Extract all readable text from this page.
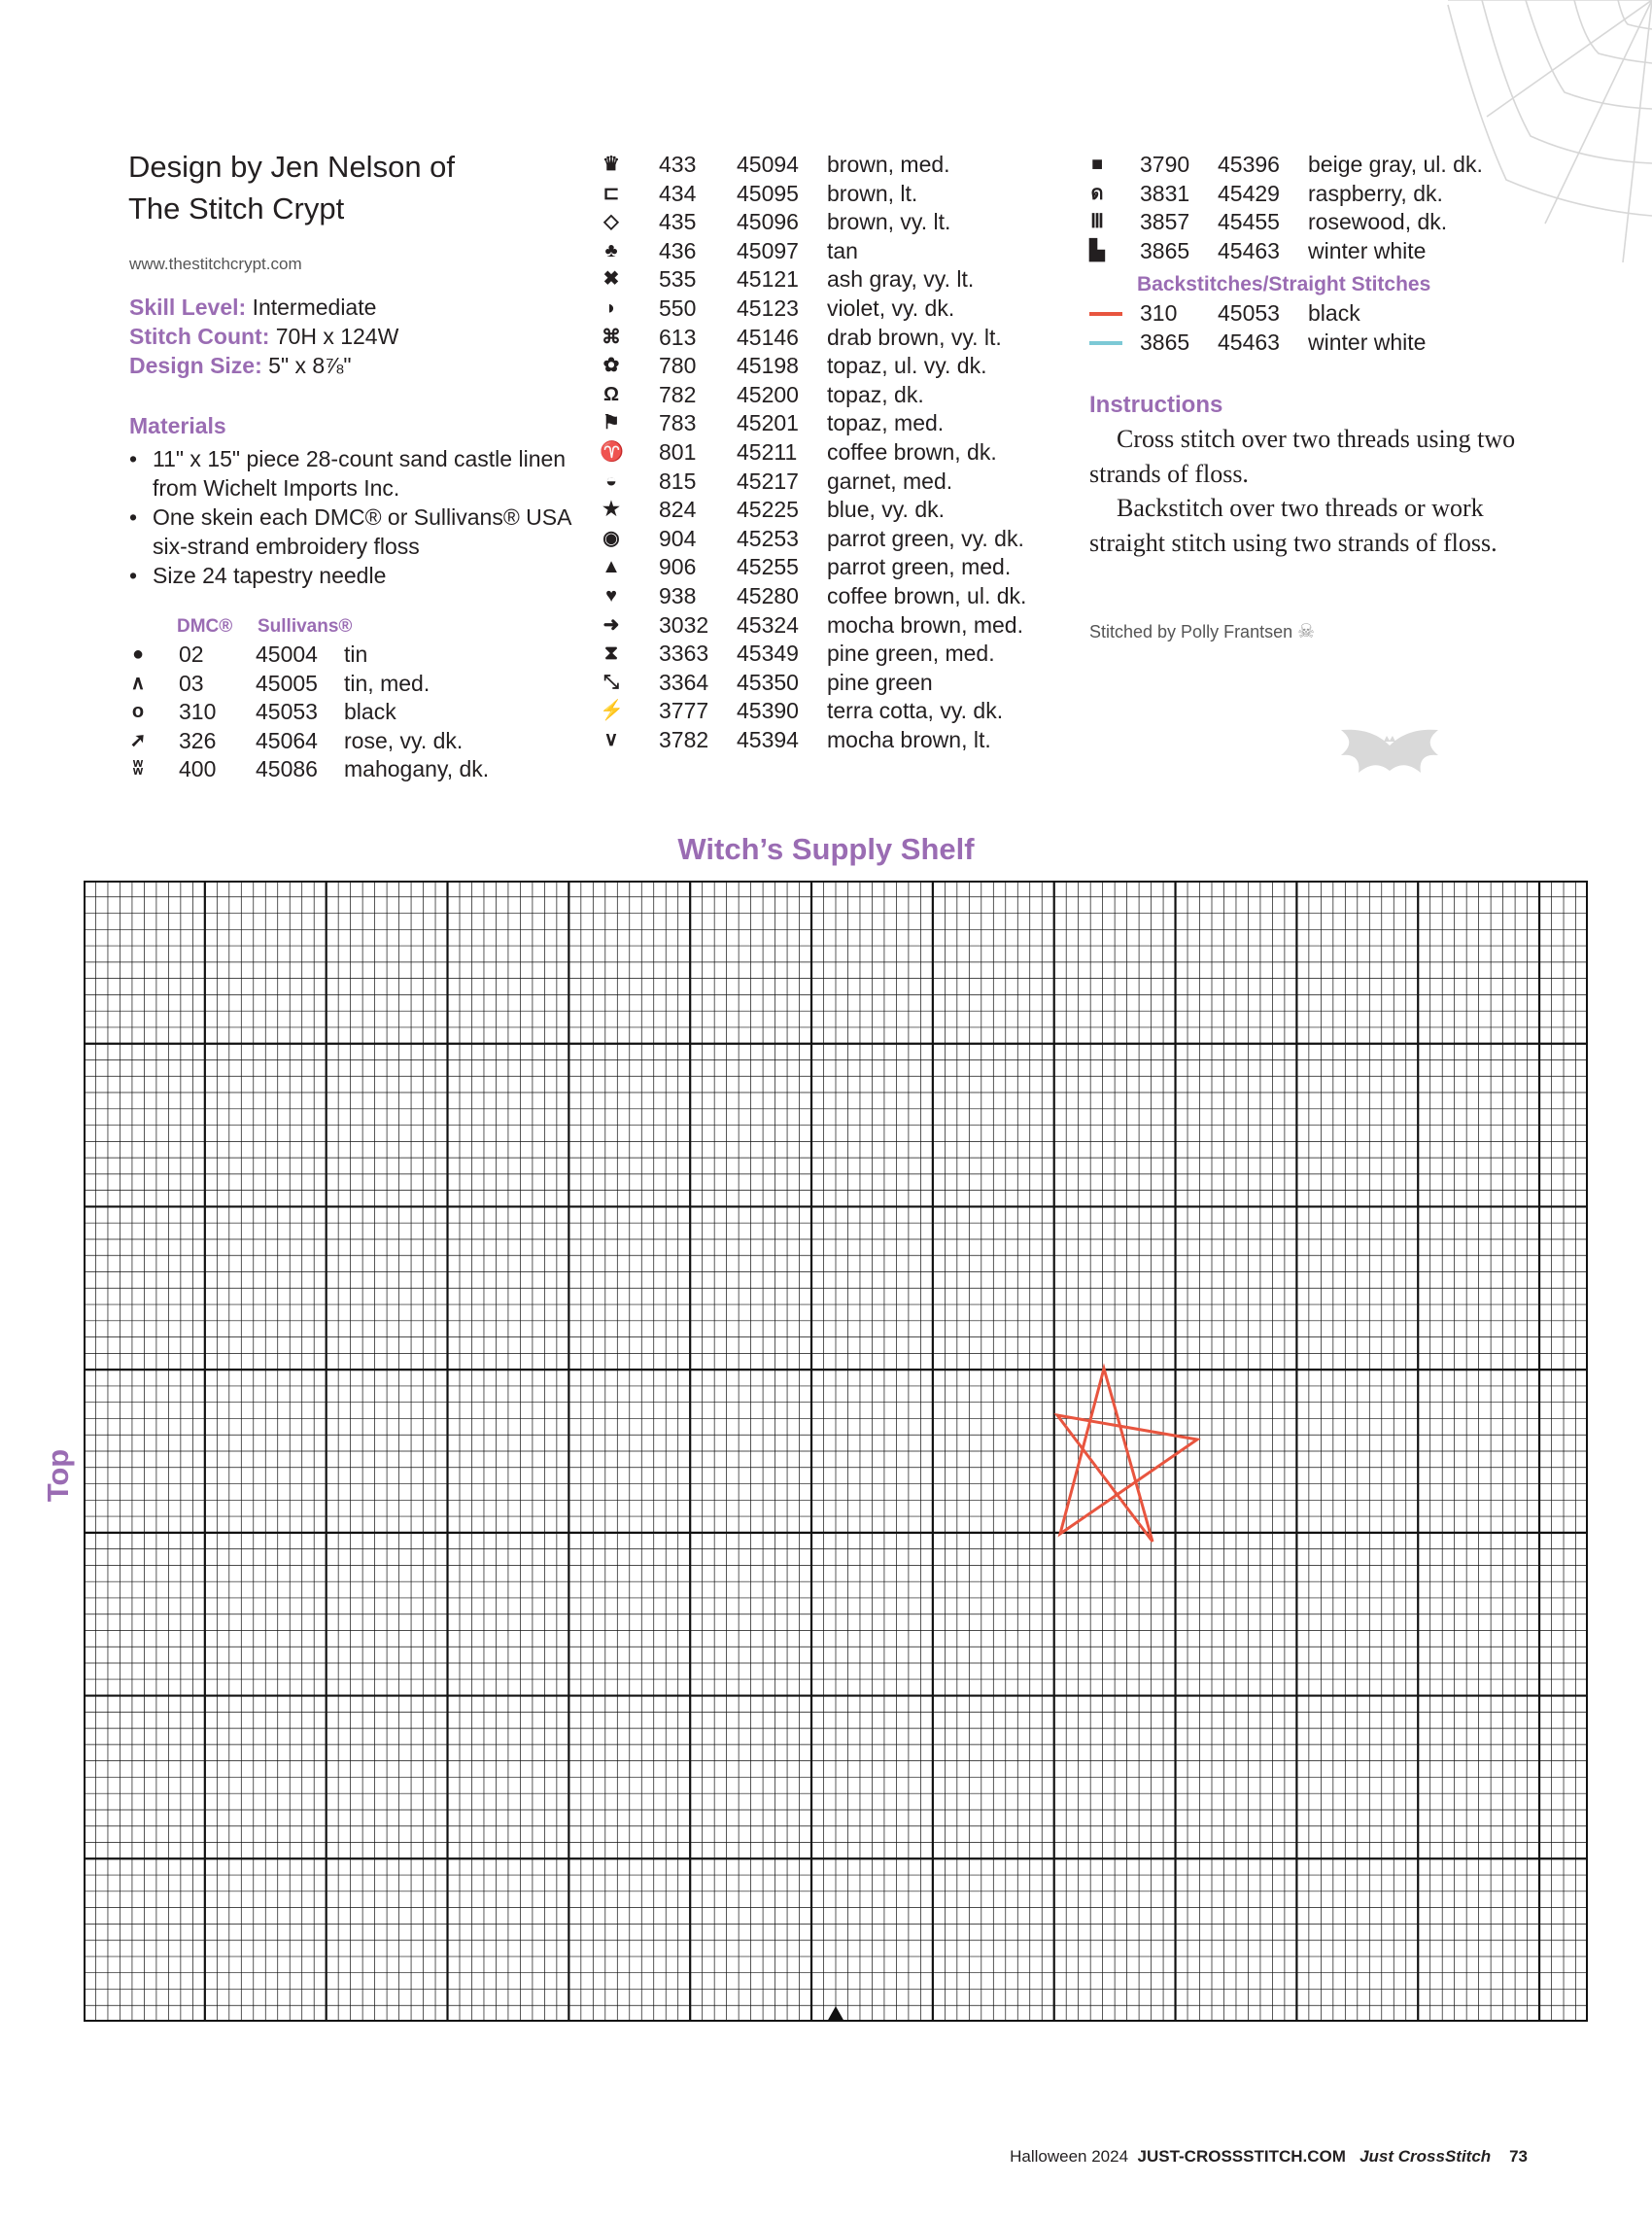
Design by Jen Nelson of
The Stitch Crypt
www.thestitchcrypt.com
Skill Level: Intermediate
Stitch Count: 70H x 124W
Design Size: 5" x 8⅞"
Materials
• 11" x 15" piece 28-count sand castle linen from Wichelt Imports Inc.
• One skein each DMC® or Sullivans® USA six-strand embroidery floss
• Size 24 tapestry needle
DMC® Sullivans®
● 02 45004 tin
∧ 03 45005 tin, med.
o 310 45053 black
➚ 326 45064 rose, vy. dk.
ʬ 400 45086 mahogany, dk.
♛ 433 45094 brown, med.
⊏ 434 45095 brown, lt.
◇ 435 45096 brown, vy. lt.
♣ 436 45097 tan
✖ 535 45121 ash gray, vy. lt.
◗ 550 45123 violet, vy. dk.
⌘ 613 45146 drab brown, vy. lt.
✿ 780 45198 topaz, ul. vy. dk.
Ω 782 45200 topaz, dk.
⚑ 783 45201 topaz, med.
♈ 801 45211 coffee brown, dk.
◒ 815 45217 garnet, med.
★ 824 45225 blue, vy. dk.
◉ 904 45253 parrot green, vy. dk.
▲ 906 45255 parrot green, med.
♥ 938 45280 coffee brown, ul. dk.
➜ 3032 45324 mocha brown, med.
⧗ 3363 45349 pine green, med.
⤡ 3364 45350 pine green
⚡ 3777 45390 terra cotta, vy. dk.
∨ 3782 45394 mocha brown, lt.
■ 3790 45396 beige gray, ul. dk.
ด 3831 45429 raspberry, dk.
Ⅲ 3857 45455 rosewood, dk.
▙ 3865 45463 winter white
Backstitches/Straight Stitches
310 45053 black
3865 45463 winter white
Instructions

Cross stitch over two threads using two strands of floss.

Backstitch over two threads or work straight stitch using two strands of floss.

Stitched by Polly Frantsen ☠
Witch’s Supply Shelf
Top
Halloween 2024 JUST-CROSSSTITCH.COM Just CrossStitch 73
